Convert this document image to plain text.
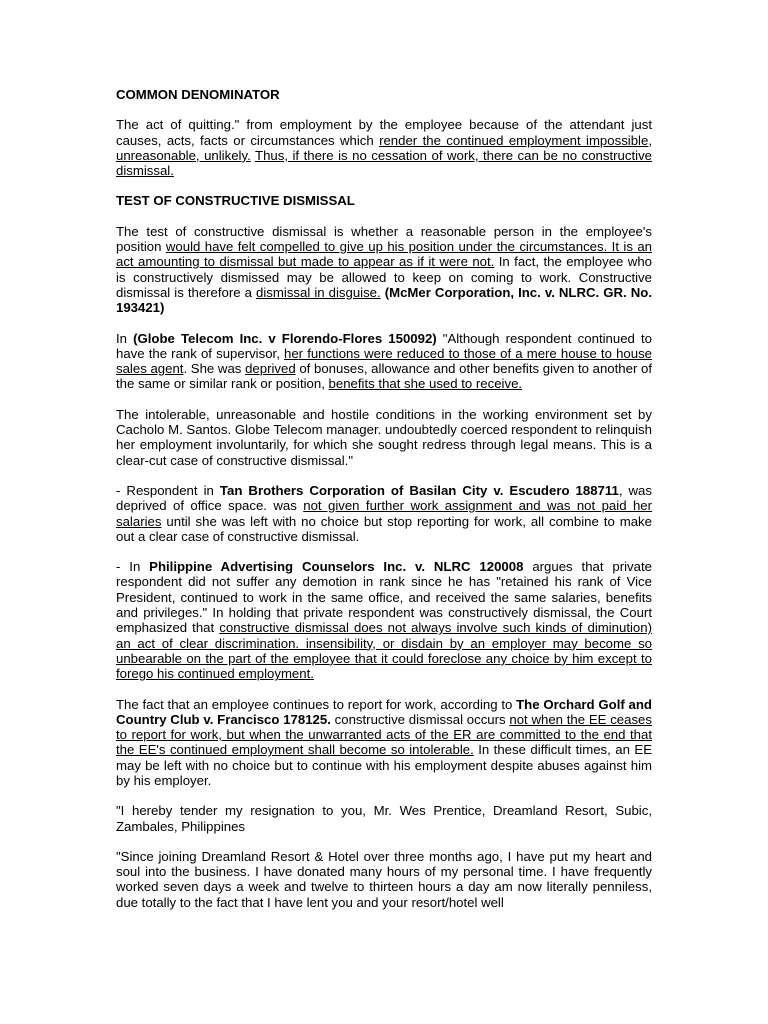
COMMON DENOMINATOR

The act of quitting." from employment by the employee because of the attendant just causes, acts, facts or circumstances which render the continued employment impossible, unreasonable, unlikely. Thus, if there is no cessation of work, there can be no constructive dismissal.

TEST OF CONSTRUCTIVE DISMISSAL

The test of constructive dismissal is whether a reasonable person in the employee's position would have felt compelled to give up his position under the circumstances. It is an act amounting to dismissal but made to appear as if it were not. In fact, the employee who is constructively dismissed may be allowed to keep on coming to work. Constructive dismissal is therefore a dismissal in disguise. (McMer Corporation, Inc. v. NLRC. GR. No. 193421)

In (Globe Telecom Inc. v Florendo-Flores 150092) "Although respondent continued to have the rank of supervisor, her functions were reduced to those of a mere house to house sales agent. She was deprived of bonuses, allowance and other benefits given to another of the same or similar rank or position, benefits that she used to receive.

The intolerable, unreasonable and hostile conditions in the working environment set by Cacholo M. Santos. Globe Telecom manager. undoubtedly coerced respondent to relinquish her employment involuntarily, for which she sought redress through legal means. This is a clear-cut case of constructive dismissal."

- Respondent in Tan Brothers Corporation of Basilan City v. Escudero 188711, was deprived of office space. was not given further work assignment and was not paid her salaries until she was left with no choice but stop reporting for work, all combine to make out a clear case of constructive dismissal.

- In Philippine Advertising Counselors Inc. v. NLRC 120008 argues that private respondent did not suffer any demotion in rank since he has "retained his rank of Vice President, continued to work in the same office, and received the same salaries, benefits and privileges." In holding that private respondent was constructively dismissal, the Court emphasized that constructive dismissal does not always involve such kinds of diminution) an act of clear discrimination. insensibility, or disdain by an employer may become so unbearable on the part of the employee that it could foreclose any choice by him except to forego his continued employment.

The fact that an employee continues to report for work, according to The Orchard Golf and Country Club v. Francisco 178125. constructive dismissal occurs not when the EE ceases to report for work, but when the unwarranted acts of the ER are committed to the end that the EE's continued employment shall become so intolerable. In these difficult times, an EE may be left with no choice but to continue with his employment despite abuses against him by his employer.

"I hereby tender my resignation to you, Mr. Wes Prentice, Dreamland Resort, Subic, Zambales, Philippines

"Since joining Dreamland Resort & Hotel over three months ago, I have put my heart and soul into the business. I have donated many hours of my personal time. I have frequently worked seven days a week and twelve to thirteen hours a day am now literally penniless, due totally to the fact that I have lent you and your resort/hotel well
